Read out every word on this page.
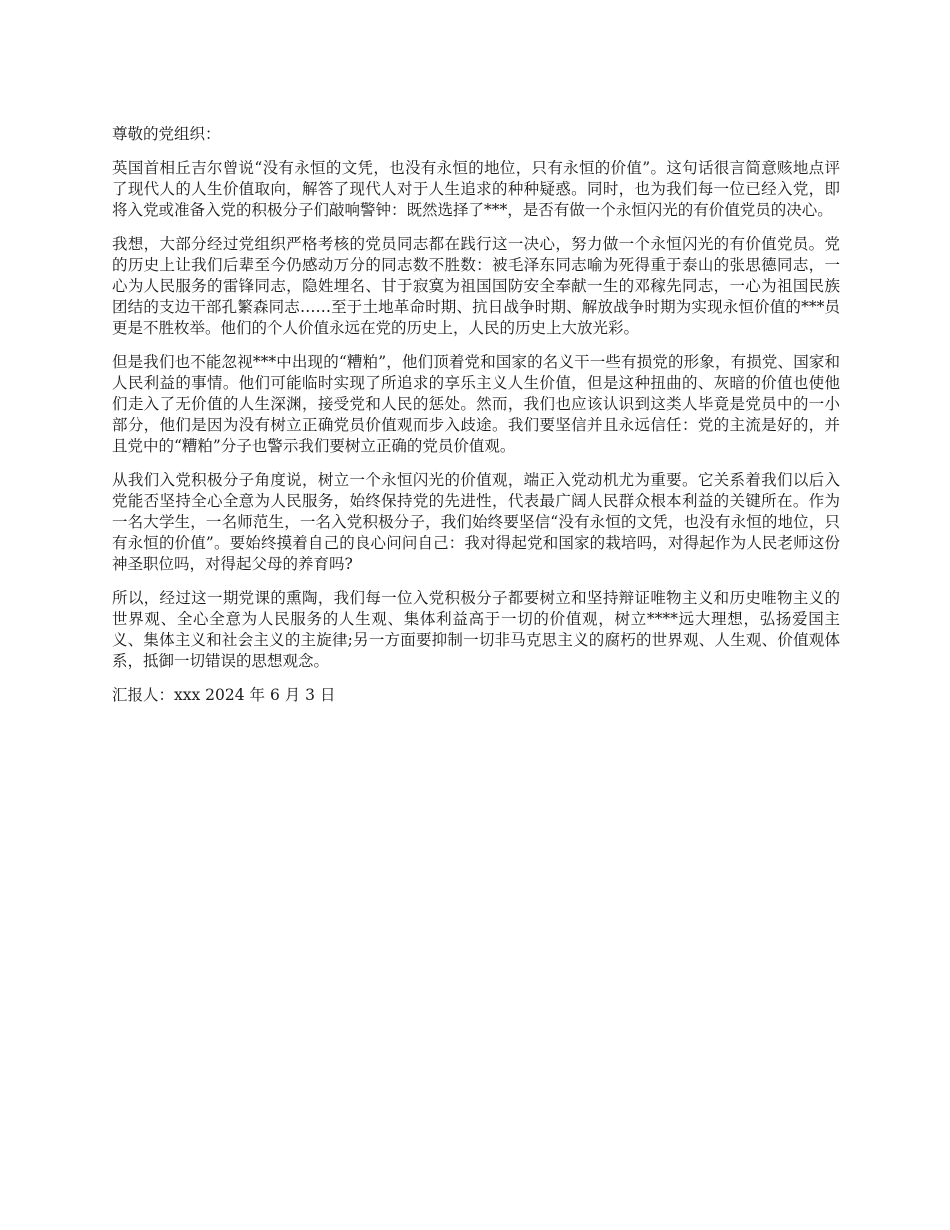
尊敬的党组织：

英国首相丘吉尔曾说“没有永恒的文凭，也没有永恒的地位，只有永恒的价值”。这句话很言简意赅地点评了现代人的人生价值取向，解答了现代人对于人生追求的种种疑惑。同时，也为我们每一位已经入党，即将入党或准备入党的积极分子们敲响警钟：既然选择了***，是否有做一个永恒闪光的有价值党员的决心。

我想，大部分经过党组织严格考核的党员同志都在践行这一决心，努力做一个永恒闪光的有价值党员。党的历史上让我们后辈至今仍感动万分的同志数不胜数：被毛泽东同志喻为死得重于泰山的张思德同志，一心为人民服务的雷锋同志，隐姓埋名、甘于寂寞为祖国国防安全奉献一生的邓稼先同志，一心为祖国民族团结的支边干部孔繁森同志……至于土地革命时期、抗日战争时期、解放战争时期为实现永恒价值的***员更是不胜枚举。他们的个人价值永远在党的历史上，人民的历史上大放光彩。

但是我们也不能忽视***中出现的“糟粕”，他们顶着党和国家的名义干一些有损党的形象，有损党、国家和人民利益的事情。他们可能临时实现了所追求的享乐主义人生价值，但是这种扭曲的、灰暗的价值也使他们走入了无价值的人生深渊，接受党和人民的惩处。然而，我们也应该认识到这类人毕竟是党员中的一小部分，他们是因为没有树立正确党员价值观而步入歧途。我们要坚信并且永远信任：党的主流是好的，并且党中的“糟粕”分子也警示我们要树立正确的党员价值观。

从我们入党积极分子角度说，树立一个永恒闪光的价值观，端正入党动机尤为重要。它关系着我们以后入党能否坚持全心全意为人民服务，始终保持党的先进性，代表最广阔人民群众根本利益的关键所在。作为一名大学生，一名师范生，一名入党积极分子，我们始终要坚信“没有永恒的文凭，也没有永恒的地位，只有永恒的价值”。要始终摸着自己的良心问问自己：我对得起党和国家的栽培吗，对得起作为人民老师这份神圣职位吗，对得起父母的养育吗?

所以，经过这一期党课的熏陶，我们每一位入党积极分子都要树立和坚持辩证唯物主义和历史唯物主义的世界观、全心全意为人民服务的人生观、集体利益高于一切的价值观，树立****远大理想，弘扬爱国主义、集体主义和社会主义的主旋律;另一方面要抑制一切非马克思主义的腐朽的世界观、人生观、价值观体系，抵御一切错误的思想观念。

汇报人：xxx 2024 年 6 月 3 日
